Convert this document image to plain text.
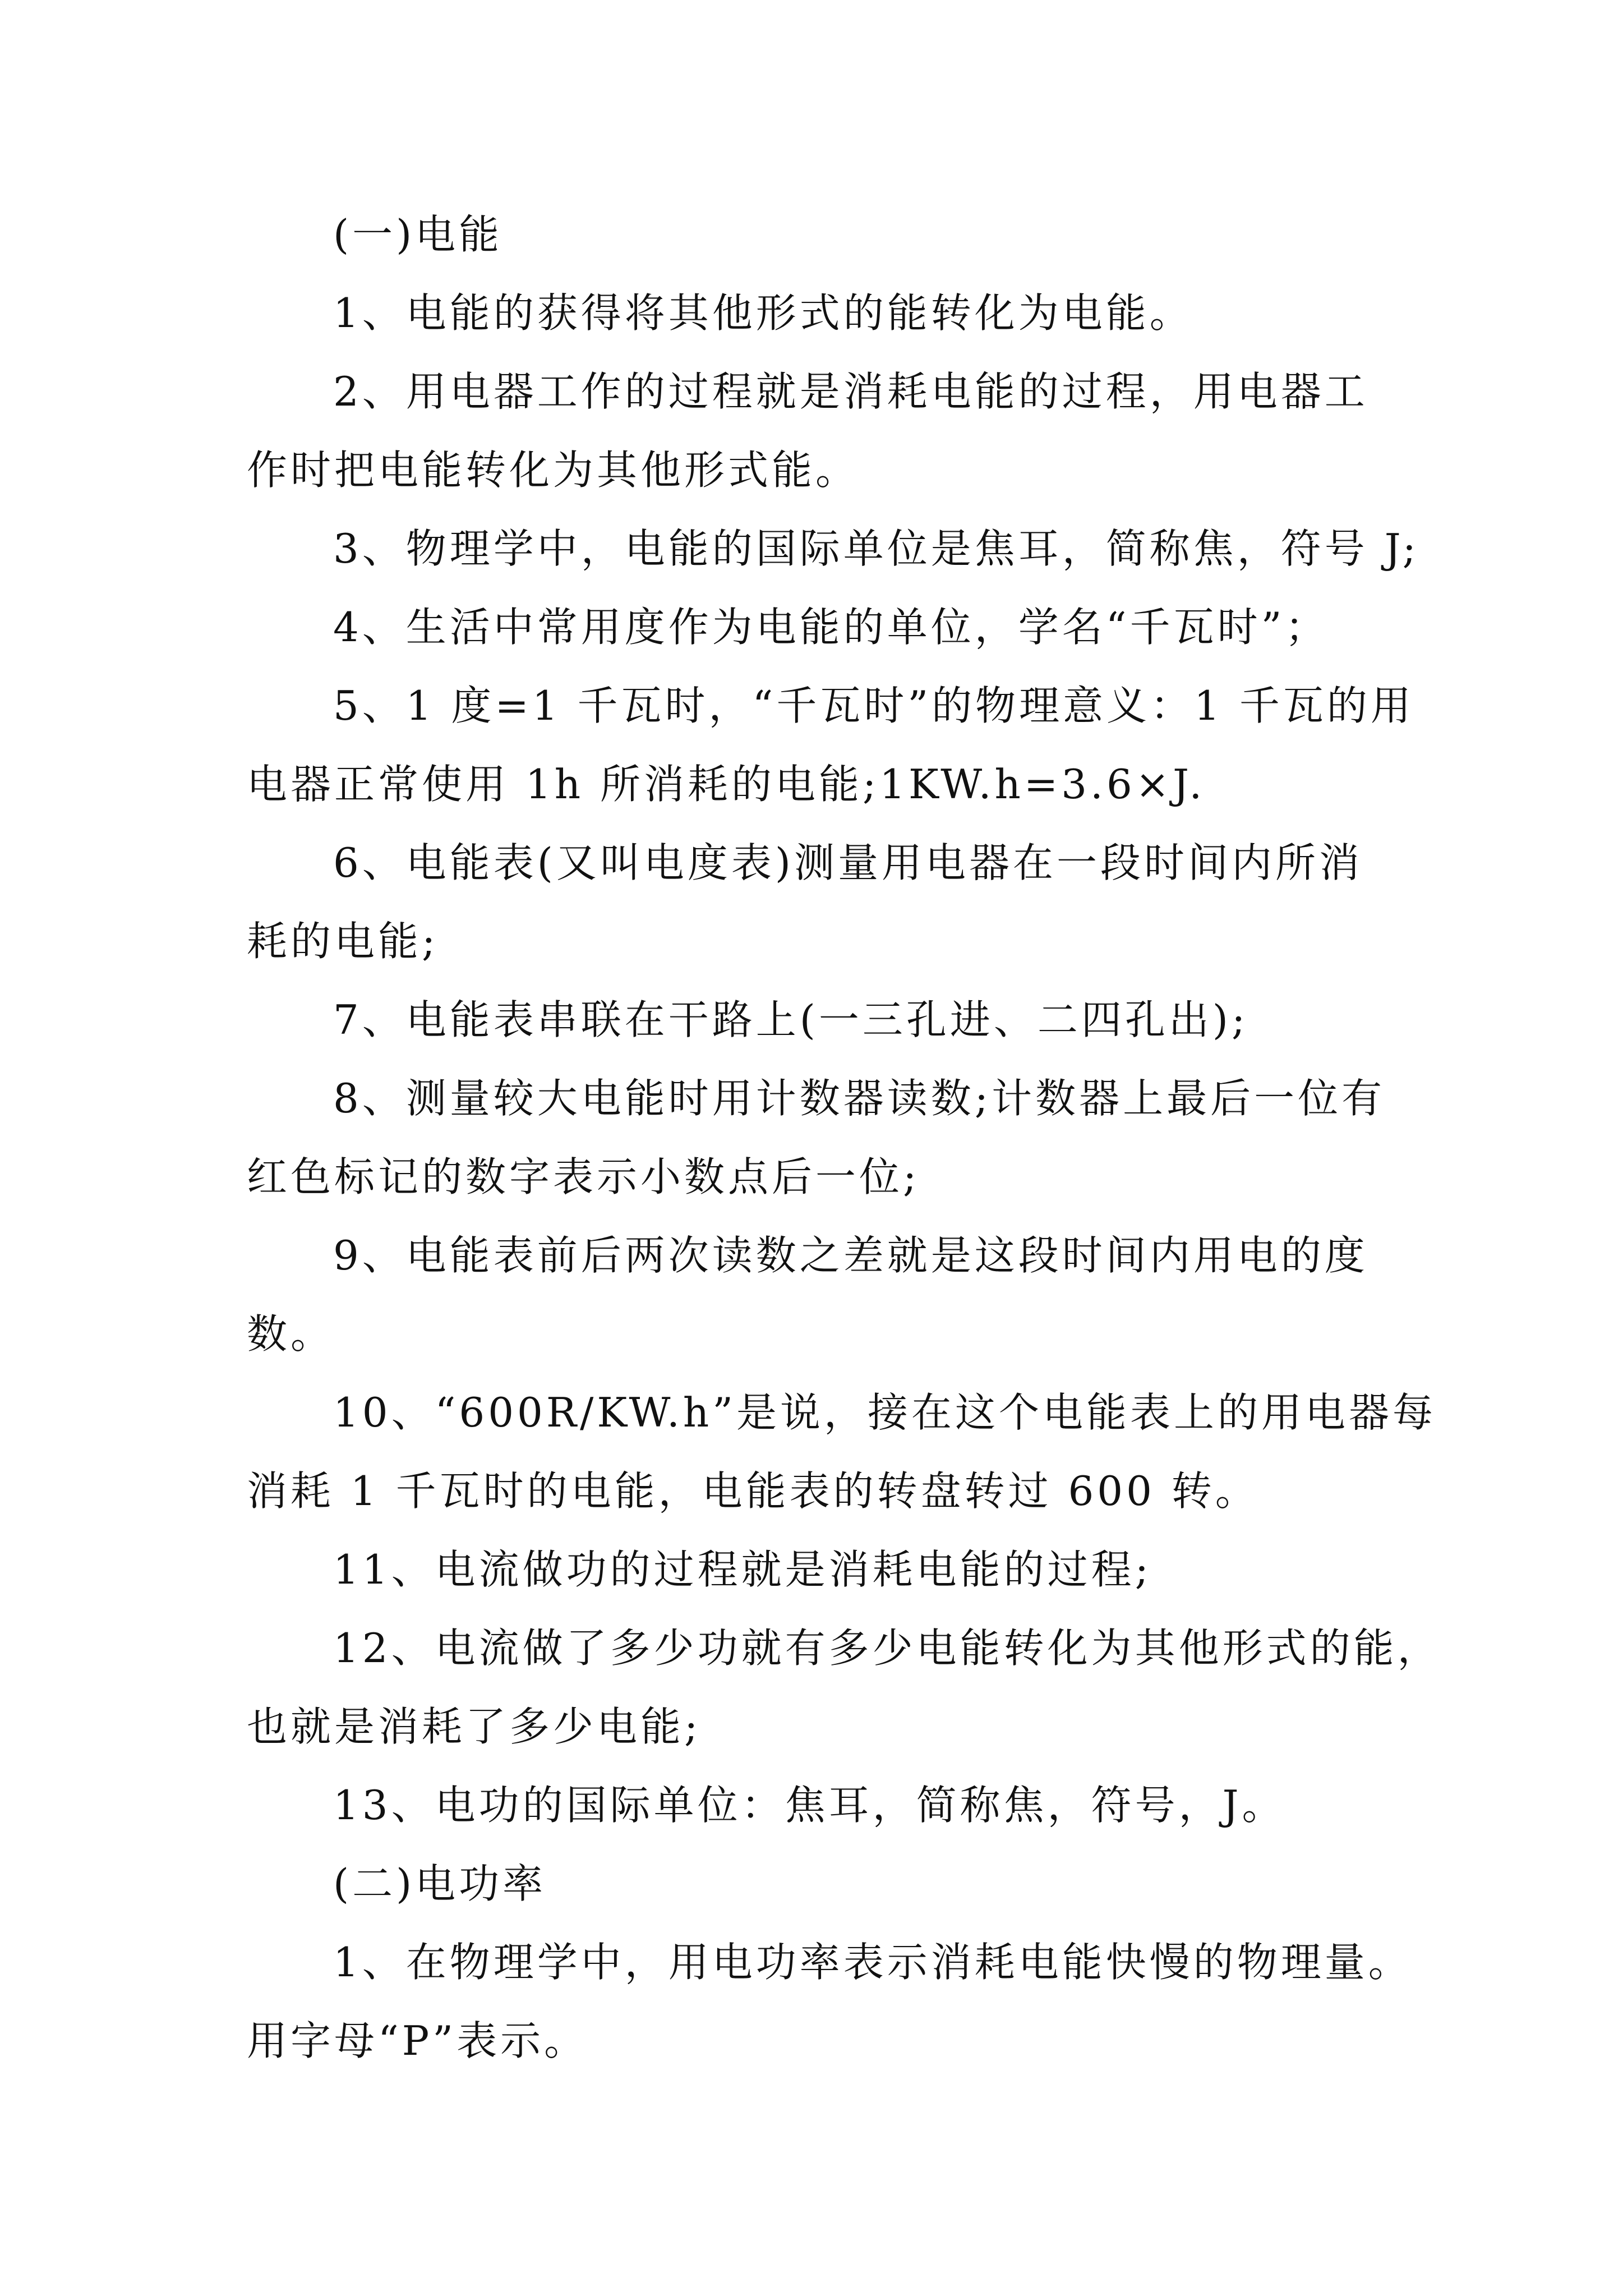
(一)电能
1、电能的获得将其他形式的能转化为电能。
2、用电器工作的过程就是消耗电能的过程，用电器工
作时把电能转化为其他形式能。
3、物理学中，电能的国际单位是焦耳，简称焦，符号 J;
4、生活中常用度作为电能的单位，学名“千瓦时”；
5、1 度=1 千瓦时，“千瓦时”的物理意义：1 千瓦的用
电器正常使用 1h 所消耗的电能;1KW.h=3.6×J.
6、电能表(又叫电度表)测量用电器在一段时间内所消
耗的电能;
7、电能表串联在干路上(一三孔进、二四孔出);
8、测量较大电能时用计数器读数;计数器上最后一位有
红色标记的数字表示小数点后一位;
9、电能表前后两次读数之差就是这段时间内用电的度
数。
10、“600R/KW.h”是说，接在这个电能表上的用电器每
消耗 1 千瓦时的电能，电能表的转盘转过 600 转。
11、电流做功的过程就是消耗电能的过程;
12、电流做了多少功就有多少电能转化为其他形式的能，
也就是消耗了多少电能;
13、电功的国际单位：焦耳，简称焦，符号，J。
(二)电功率
1、在物理学中，用电功率表示消耗电能快慢的物理量。
用字母“P”表示。
